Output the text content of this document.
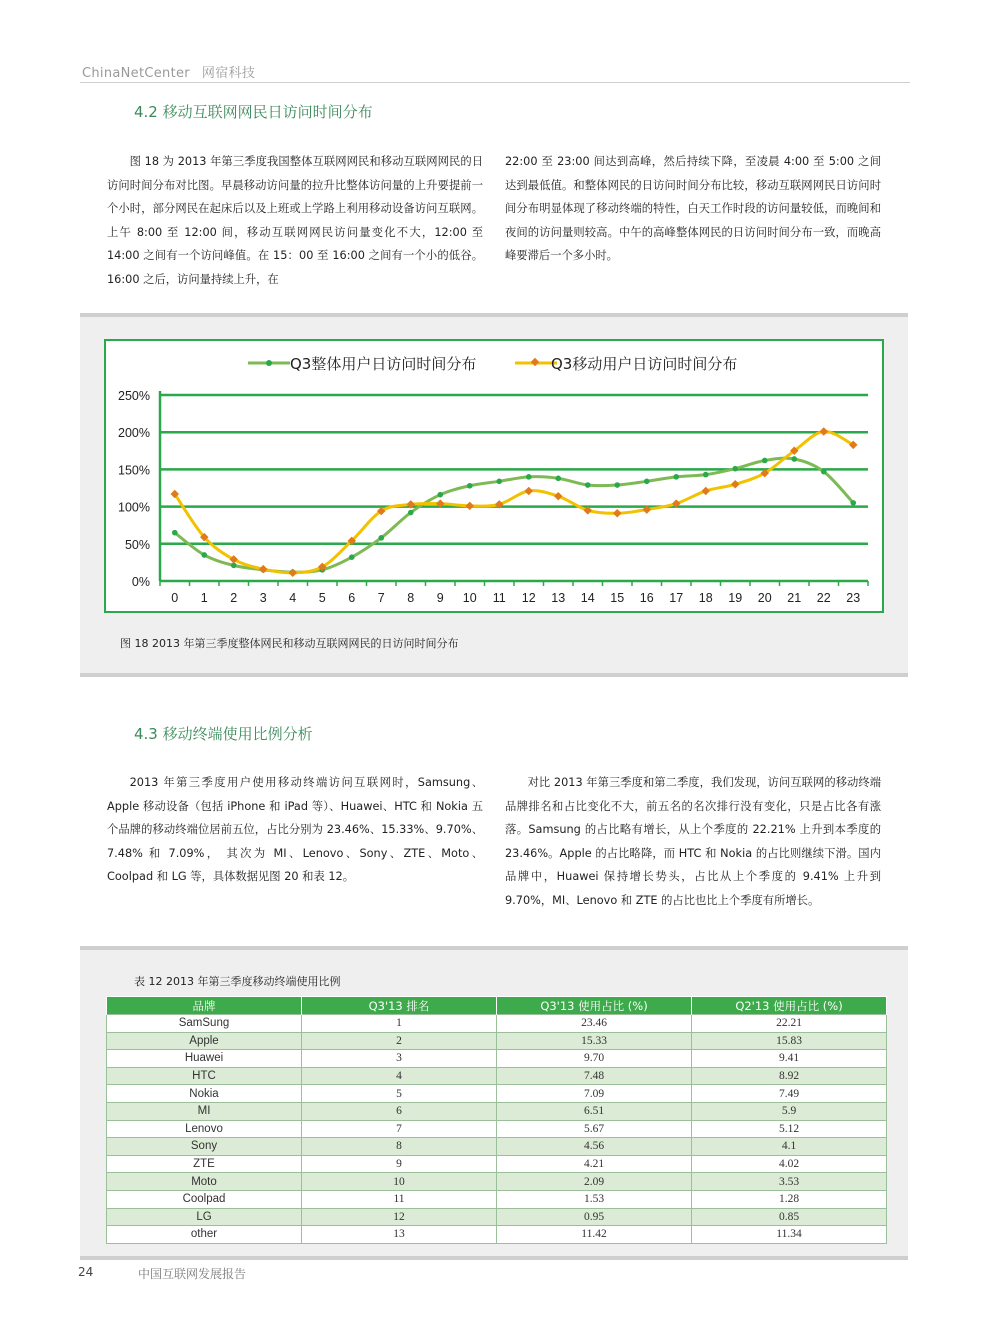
ChinaNetCenter 网宿科技
4.2 移动互联网网民日访问时间分布

图 18 为 2013 年第三季度我国整体互联网网民和移动互联网网民的日访问时间分布对比图。早晨移动访问量的拉升比整体访问量的上升要提前一个小时，部分网民在起床后以及上班或上学路上利用移动设备访问互联网。上午 8:00 至 12:00 间，移动互联网网民访问量变化不大，12:00 至 14:00 之间有一个访问峰值。在 15：00 至 16:00 之间有一个小的低谷。16:00 之后，访问量持续上升，在

22:00 至 23:00 间达到高峰，然后持续下降，至凌晨 4:00 至 5:00 之间达到最低值。和整体网民的日访问时间分布比较，移动互联网网民日访问时间分布明显体现了移动终端的特性，白天工作时段的访问量较低，而晚间和夜间的访问量则较高。中午的高峰整体网民的日访问时间分布一致，而晚高峰要滞后一个多小时。

Q3整体用户日访问时间分布	Q3移动用户日访问时间分布
0%
50%
100%
150%
200%
250%
0 1 2 3 4 5 6 7 8 9 10 11 12 13 14 15 16 17 18 19 20 21 22 23
图 18 2013 年第三季度整体网民和移动互联网网民的日访问时间分布
4.3 移动终端使用比例分析

2013 年第三季度用户使用移动终端访问互联网时，Samsung、Apple 移动设备（包括 iPhone 和 iPad 等）、Huawei、HTC 和 Nokia 五个品牌的移动终端位居前五位，占比分别为 23.46%、15.33%、9.70%、7.48% 和 7.09%， 其次为 MI、Lenovo、Sony、ZTE、Moto、Coolpad 和 LG 等，具体数据见图 20 和表 12。

对比 2013 年第三季度和第二季度，我们发现，访问互联网的移动终端品牌排名和占比变化不大，前五名的名次排行没有变化，只是占比各有涨落。Samsung 的占比略有增长，从上个季度的 22.21% 上升到本季度的 23.46%。Apple 的占比略降，而 HTC 和 Nokia 的占比则继续下滑。国内品牌中，Huawei 保持增长势头，占比从上个季度的 9.41% 上升到 9.70%，MI、Lenovo 和 ZTE 的占比也比上个季度有所增长。

表 12 2013 年第三季度移动终端使用比例
品牌	Q3'13 排名	Q3'13 使用占比 (%)	Q2'13 使用占比 (%)
SamSung	1	23.46	22.21
Apple	2	15.33	15.83
Huawei	3	9.70	9.41
HTC	4	7.48	8.92
Nokia	5	7.09	7.49
MI	6	6.51	5.9
Lenovo	7	5.67	5.12
Sony	8	4.56	4.1
ZTE	9	4.21	4.02
Moto	10	2.09	3.53
Coolpad	11	1.53	1.28
LG	12	0.95	0.85
other	13	11.42	11.34
24	中国互联网发展报告
